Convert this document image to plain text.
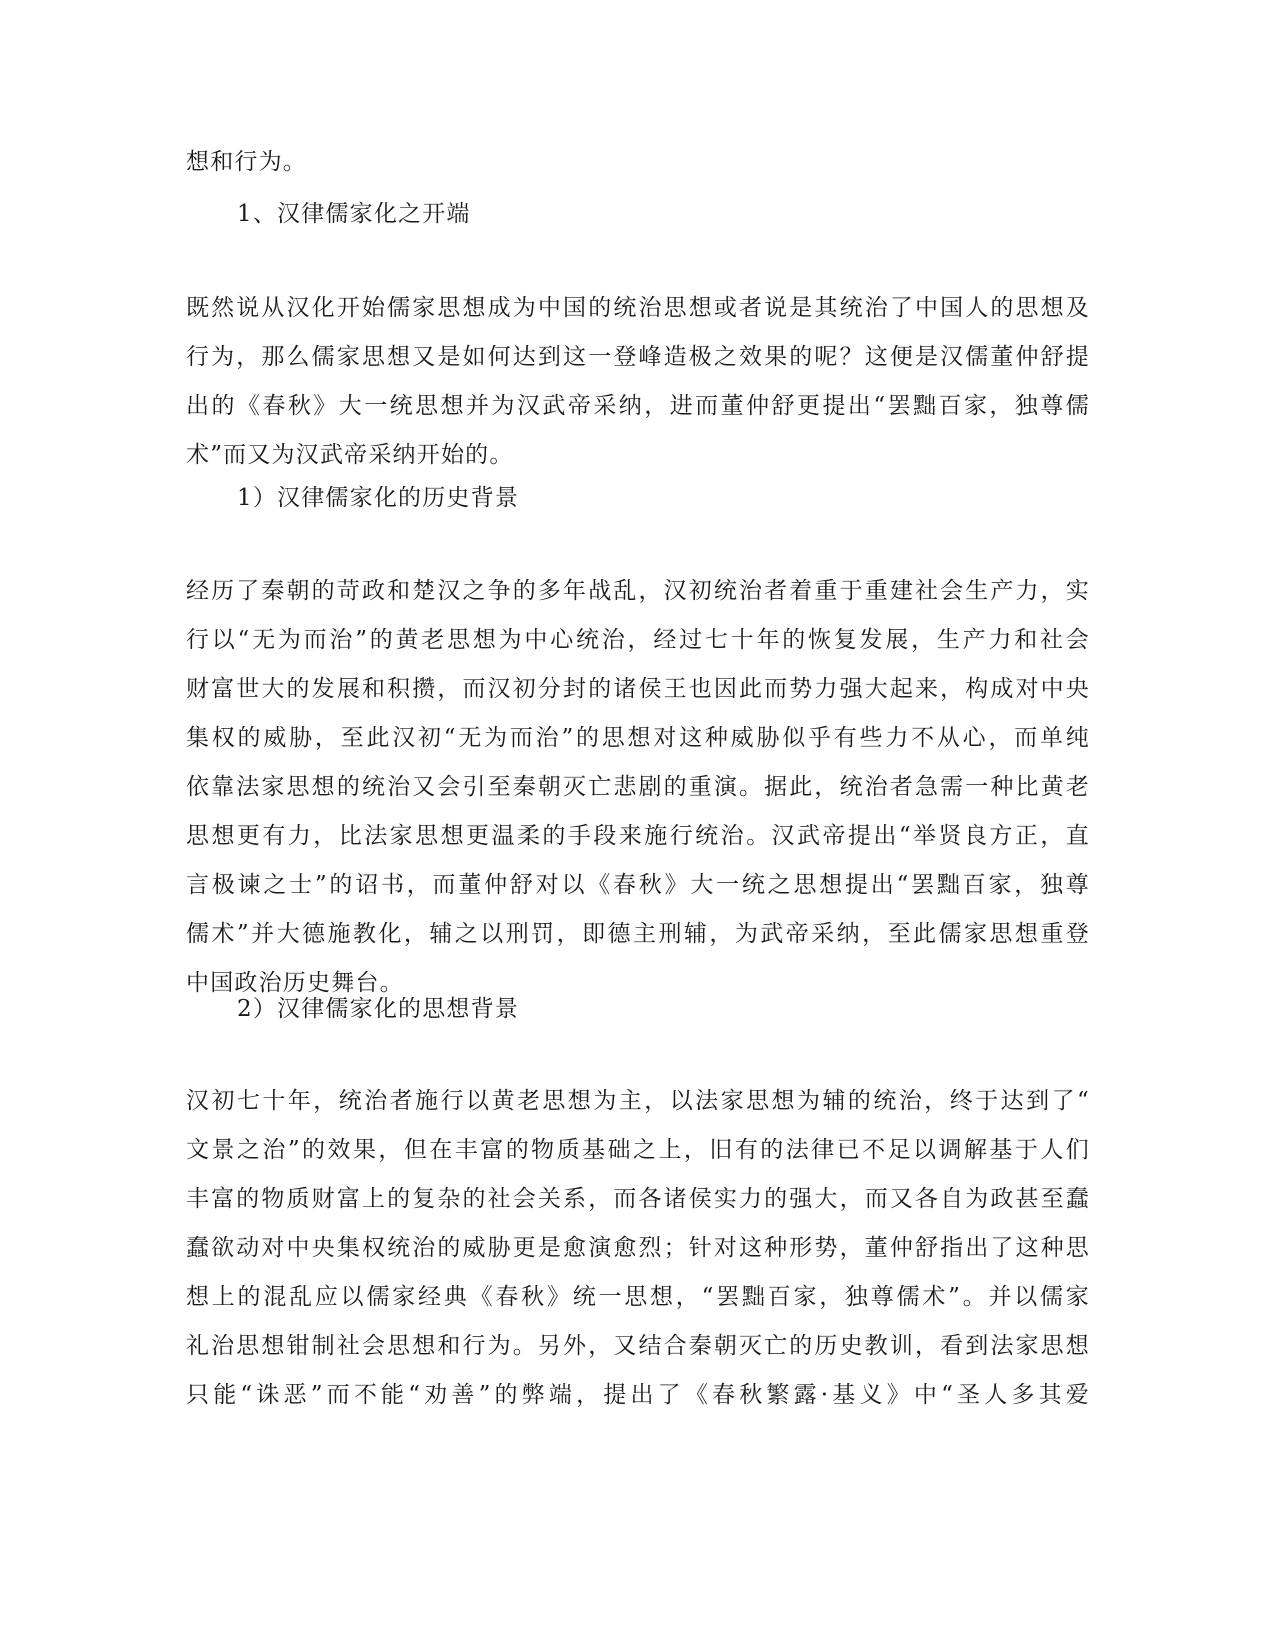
想和行为。

1、汉律儒家化之开端

既然说从汉化开始儒家思想成为中国的统治思想或者说是其统治了中国人的思想及
行为，那么儒家思想又是如何达到这一登峰造极之效果的呢？这便是汉儒董仲舒提
出的《春秋》大一统思想并为汉武帝采纳，进而董仲舒更提出“罢黜百家，独尊儒
术”而又为汉武帝采纳开始的。

1）汉律儒家化的历史背景

经历了秦朝的苛政和楚汉之争的多年战乱，汉初统治者着重于重建社会生产力，实
行以“无为而治”的黄老思想为中心统治，经过七十年的恢复发展，生产力和社会
财富世大的发展和积攒，而汉初分封的诸侯王也因此而势力强大起来，构成对中央
集权的威胁，至此汉初“无为而治”的思想对这种威胁似乎有些力不从心，而单纯
依靠法家思想的统治又会引至秦朝灭亡悲剧的重演。据此，统治者急需一种比黄老
思想更有力，比法家思想更温柔的手段来施行统治。汉武帝提出“举贤良方正，直
言极谏之士”的诏书，而董仲舒对以《春秋》大一统之思想提出“罢黜百家，独尊
儒术”并大德施教化，辅之以刑罚，即德主刑辅，为武帝采纳，至此儒家思想重登
中国政治历史舞台。

2）汉律儒家化的思想背景

汉初七十年，统治者施行以黄老思想为主，以法家思想为辅的统治，终于达到了“
文景之治”的效果，但在丰富的物质基础之上，旧有的法律已不足以调解基于人们
丰富的物质财富上的复杂的社会关系，而各诸侯实力的强大，而又各自为政甚至蠢
蠢欲动对中央集权统治的威胁更是愈演愈烈；针对这种形势，董仲舒指出了这种思
想上的混乱应以儒家经典《春秋》统一思想，“罢黜百家，独尊儒术”。并以儒家
礼治思想钳制社会思想和行为。另外，又结合秦朝灭亡的历史教训，看到法家思想
只能“诛恶”而不能“劝善”的弊端，提出了《春秋繁露·基义》中“圣人多其爱
